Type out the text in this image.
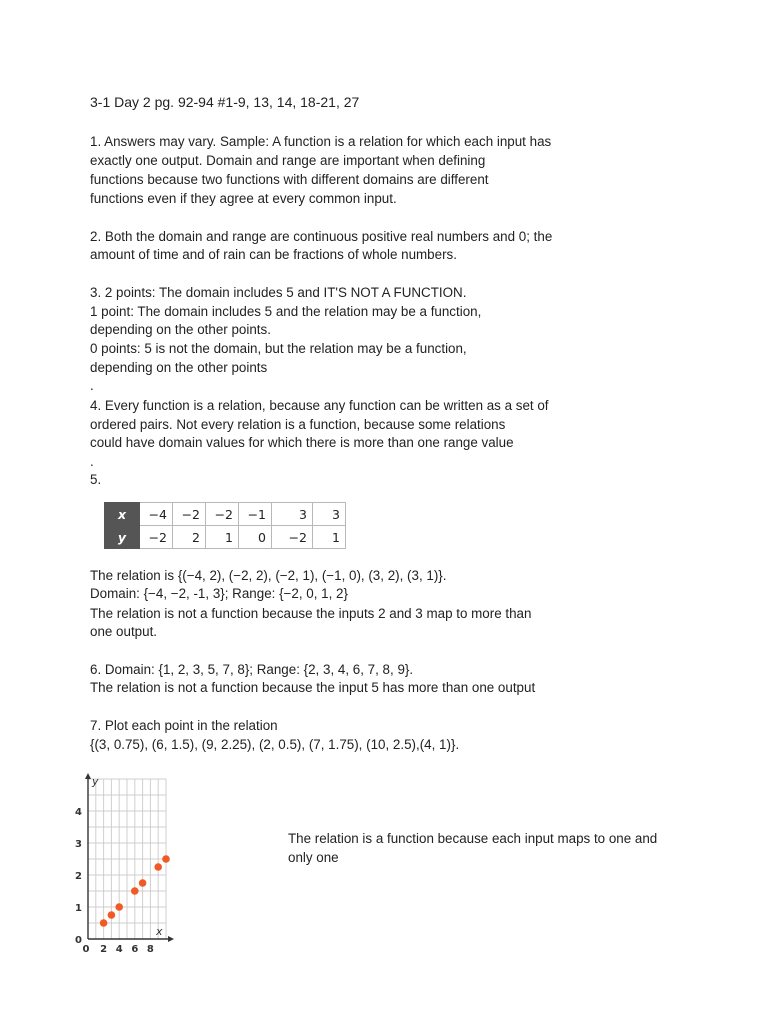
3-1 Day 2 pg. 92-94 #1-9, 13, 14, 18-21, 27
1. Answers may vary. Sample: A function is a relation for which each input has
exactly one output. Domain and range are important when defining
functions because two functions with different domains are different
functions even if they agree at every common input.
2. Both the domain and range are continuous positive real numbers and 0; the
amount of time and of rain can be fractions of whole numbers.
3. 2 points: The domain includes 5 and IT'S NOT A FUNCTION.
1 point: The domain includes 5 and the relation may be a function,
depending on the other points.
0 points: 5 is not the domain, but the relation may be a function,
depending on the other points
.
4. Every function is a relation, because any function can be written as a set of
ordered pairs. Not every relation is a function, because some relations
could have domain values for which there is more than one range value
.
5.
x	−4	−2	−2	−1	3	3
y	−2	2	1	0	−2	1
The relation is {(−4, 2), (−2, 2), (−2, 1), (−1, 0), (3, 2), (3, 1)}.
Domain: {−4, −2, -1, 3}; Range: {−2, 0, 1, 2}
The relation is not a function because the inputs 2 and 3 map to more than
one output.
6. Domain: {1, 2, 3, 5, 7, 8}; Range: {2, 3, 4, 6, 7, 8, 9}.
The relation is not a function because the input 5 has more than one output
7. Plot each point in the relation
{(3, 0.75), (6, 1.5), (9, 2.25), (2, 0.5), (7, 1.75), (10, 2.5),(4, 1)}.
x
y
0 2 4 6 8
0
1
2
3
4
The relation is a function because each input maps to one and
only one
